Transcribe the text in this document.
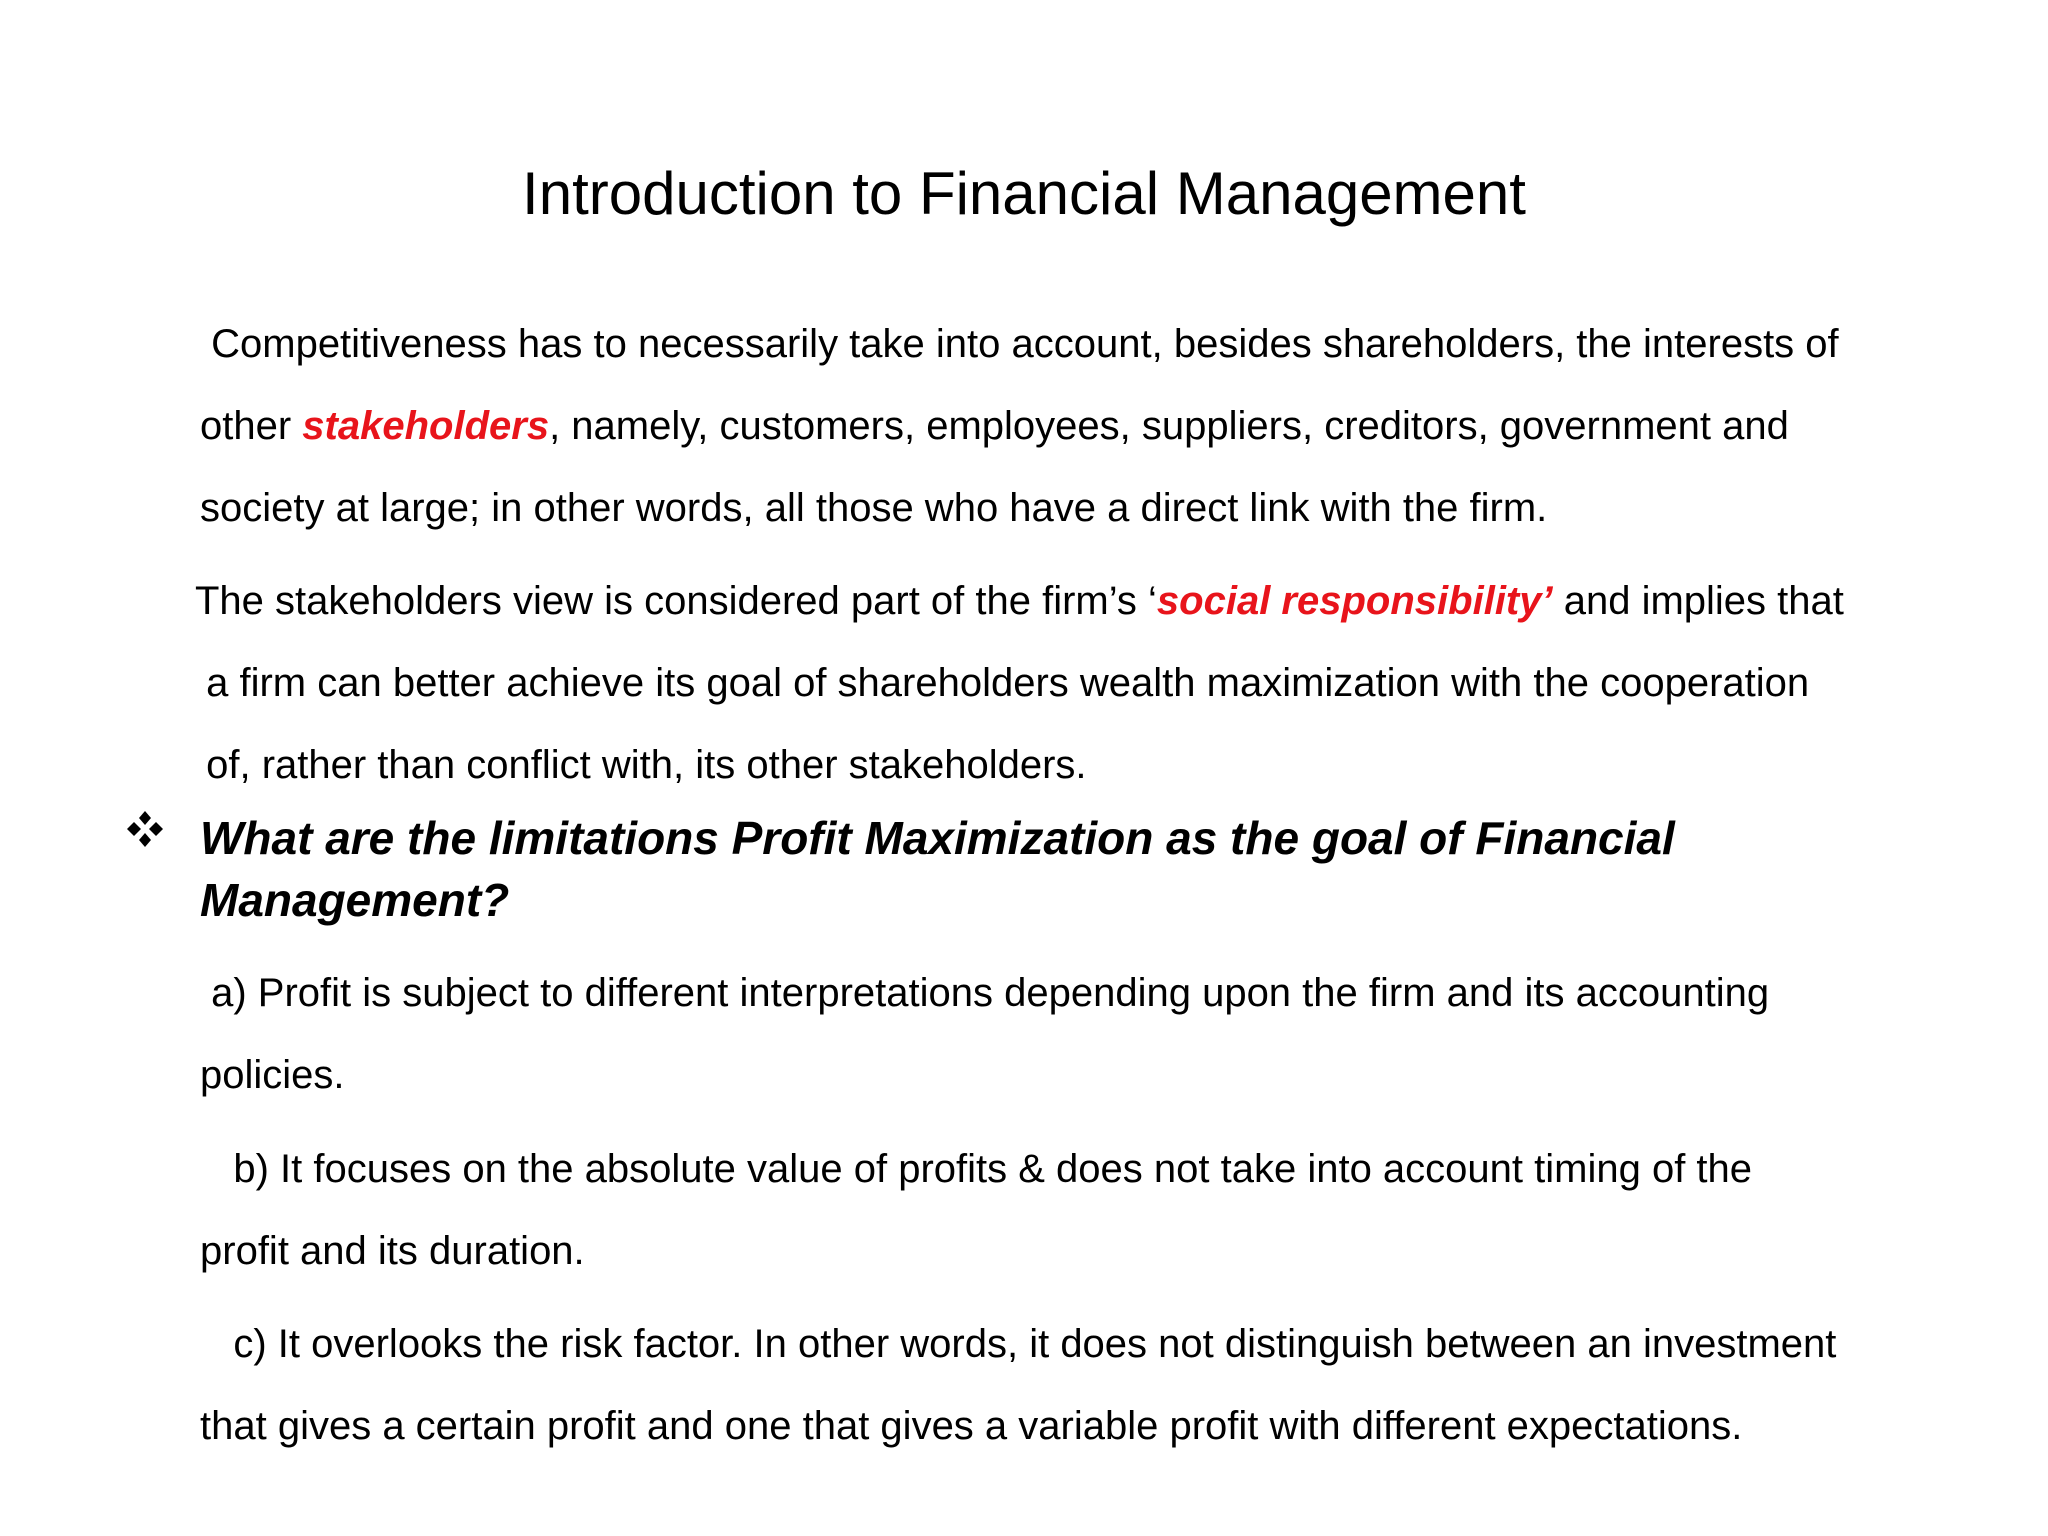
Introduction to Financial Management

Competitiveness has to necessarily take into account, besides shareholders, the interests of
other stakeholders, namely, customers, employees, suppliers, creditors, government and
society at large; in other words, all those who have a direct link with the firm.

The stakeholders view is considered part of the firm’s ‘social responsibility’ and implies that
a firm can better achieve its goal of shareholders wealth maximization with the cooperation
of, rather than conflict with, its other stakeholders.

What are the limitations Profit Maximization as the goal of Financial
Management?

a) Profit is subject to different interpretations depending upon the firm and its accounting
policies.

b) It focuses on the absolute value of profits & does not take into account timing of the
profit and its duration.

c) It overlooks the risk factor. In other words, it does not distinguish between an investment
that gives a certain profit and one that gives a variable profit with different expectations.
